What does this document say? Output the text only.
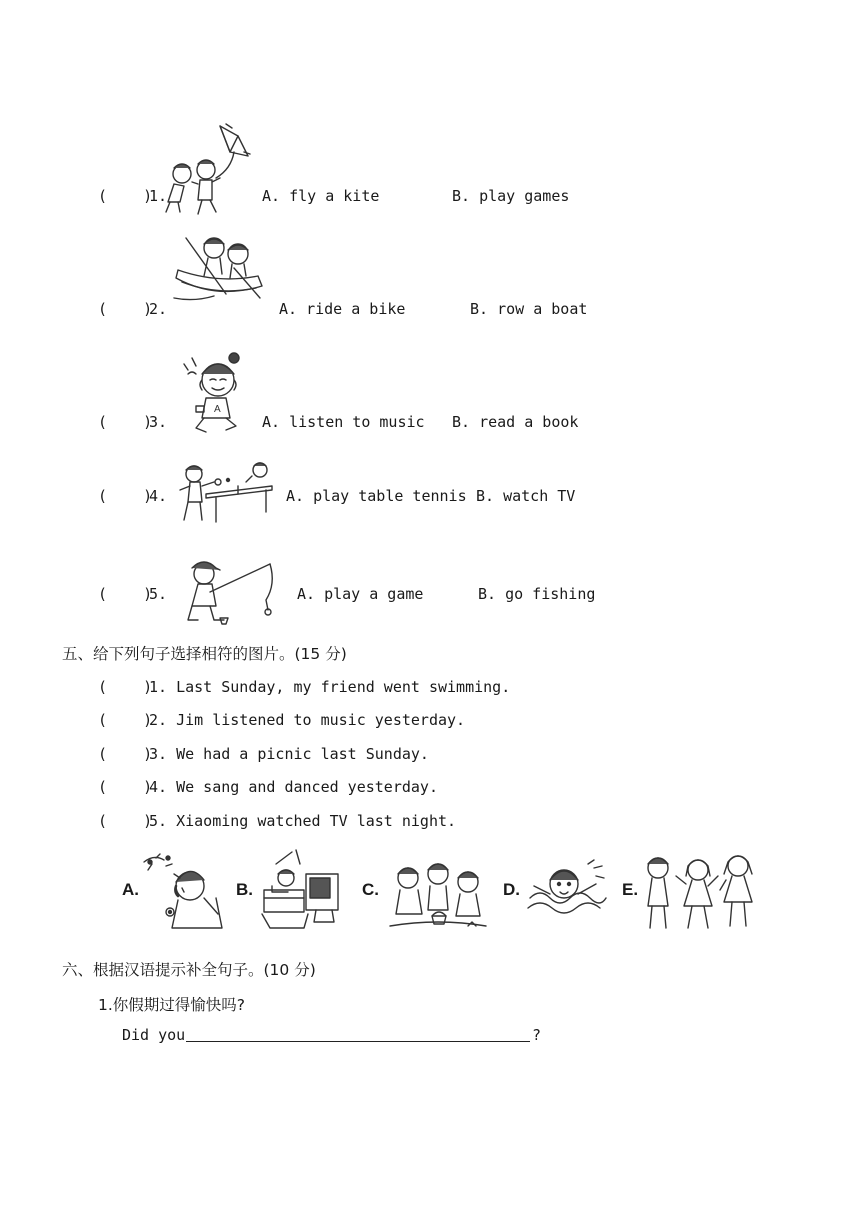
(    )
1.	A. fly a kite	B. play games
(    )
2.	A. ride a bike	B. row a boat
(    )
3.
A
A. listen to music B. read a book
(    )
4.	A. play table tennis B. watch TV
(    )
5.	A. play a game	B. go fishing
五、给下列句子选择相符的图片。(15 分)
(    )
1. Last Sunday, my friend went swimming.
(    )
2. Jim listened to music yesterday.
(    )
3. We had a picnic last Sunday.
(    )
4. We sang and danced yesterday.
(    )
5. Xiaoming watched TV last night.
A.	B.	C.	D.	E.
六、根据汉语提示补全句子。(10 分)
1.你假期过得愉快吗?
Did you	?
